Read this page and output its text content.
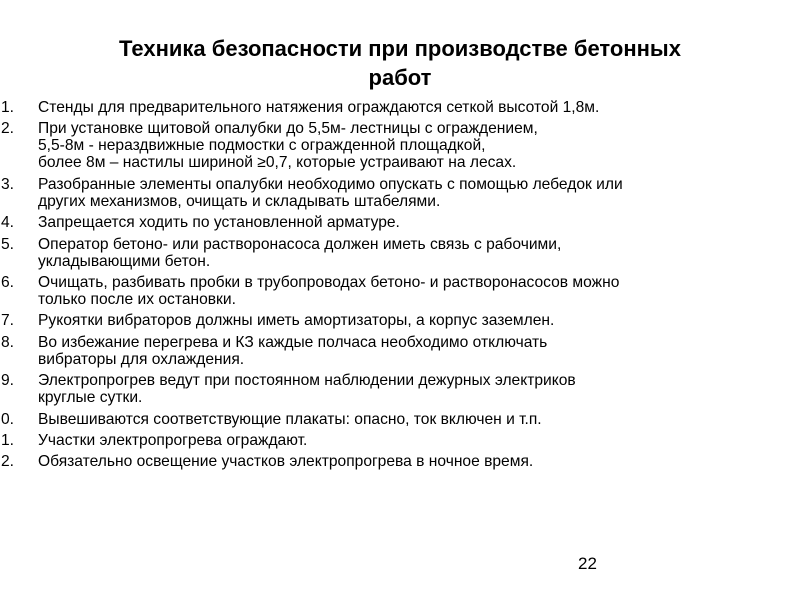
Техника безопасности при производстве бетонных
работ
1. Стенды для предварительного натяжения ограждаются сеткой высотой 1,8м.
2. При установке щитовой опалубки до 5,5м- лестницы с ограждением,
5,5-8м - нераздвижные подмостки с огражденной площадкой,
более 8м – настилы шириной ≥0,7, которые устраивают на лесах.
3. Разобранные элементы опалубки необходимо опускать с помощью лебедок или
других механизмов, очищать и складывать штабелями.
4. Запрещается ходить по установленной арматуре.
5. Оператор бетоно- или растворонасоса должен иметь связь с рабочими,
укладывающими бетон.
6. Очищать, разбивать пробки в трубопроводах бетоно- и растворонасосов можно
только после их остановки.
7. Рукоятки вибраторов должны иметь амортизаторы, а корпус заземлен.
8. Во избежание перегрева и КЗ каждые полчаса необходимо отключать
вибраторы для охлаждения.
9. Электропрогрев ведут при постоянном наблюдении дежурных электриков
круглые сутки.
0. Вывешиваются соответствующие плакаты: опасно, ток включен и т.п.
1. Участки электропрогрева ограждают.
2. Обязательно освещение участков электропрогрева в ночное время.
22
